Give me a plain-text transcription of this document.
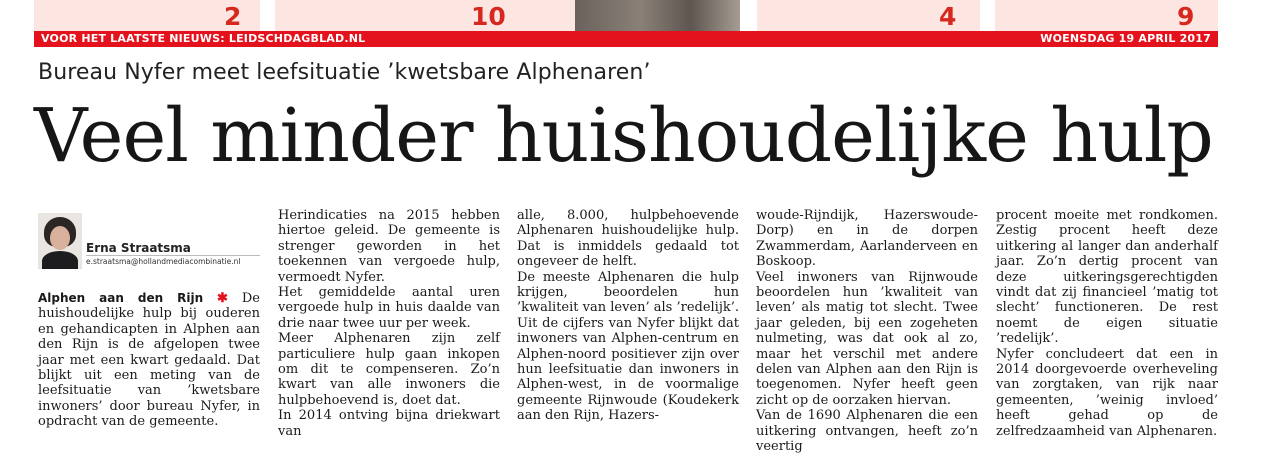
2	10	4	9
VOOR HET LAATSTE NIEUWS: LEIDSCHDAGBLAD.NL	WOENSDAG 19 APRIL 2017
Bureau Nyfer meet leefsituatie ’kwetsbare Alphenaren’
Veel minder huishoudelijke hulp
Erna Straatsma
e.straatsma@hollandmediacombinatie.nl

Alphen aan den Rijn ✱ De huishoudelijke hulp bij ouderen en gehandicapten in Alphen aan den Rijn is de afgelopen twee jaar met een kwart gedaald. Dat blijkt uit een meting van de leefsituatie van ’kwetsbare inwoners’ door bureau Nyfer, in opdracht van de gemeente.

Herindicaties na 2015 hebben hiertoe geleid. De gemeente is strenger geworden in het toekennen van vergoede hulp, vermoedt Nyfer.

Het gemiddelde aantal uren vergoede hulp in huis daalde van drie naar twee uur per week.

Meer Alphenaren zijn zelf particuliere hulp gaan inkopen om dit te compenseren. Zo’n kwart van alle inwoners die hulpbehoevend is, doet dat.

In 2014 ontving bijna driekwart van

alle, 8.000, hulpbehoevende Alphenaren huishoudelijke hulp. Dat is inmiddels gedaald tot ongeveer de helft.

De meeste Alphenaren die hulp krijgen, beoordelen hun ’kwaliteit van leven’ als ’redelijk’. Uit de cijfers van Nyfer blijkt dat inwoners van Alphen-centrum en Alphen-noord positiever zijn over hun leefsituatie dan inwoners in Alphen-west, in de voormalige gemeente Rijnwoude (Koudekerk aan den Rijn, Hazers-

woude-Rijndijk, Hazerswoude-Dorp) en in de dorpen Zwammerdam, Aarlanderveen en Boskoop.

Veel inwoners van Rijnwoude beoordelen hun ’kwaliteit van leven’ als matig tot slecht. Twee jaar geleden, bij een zogeheten nulmeting, was dat ook al zo, maar het verschil met andere delen van Alphen aan den Rijn is toegenomen. Nyfer heeft geen zicht op de oorzaken hiervan.

Van de 1690 Alphenaren die een uitkering ontvangen, heeft zo’n veertig

procent moeite met rondkomen. Zestig procent heeft deze uitkering al langer dan anderhalf jaar. Zo’n dertig procent van deze uitkeringsgerechtigden vindt dat zij financieel ’matig tot slecht’ functioneren. De rest noemt de eigen situatie ’redelijk’.

Nyfer concludeert dat een in 2014 doorgevoerde overheveling van zorgtaken, van rijk naar gemeenten, ’weinig invloed’ heeft gehad op de zelfredzaamheid van Alphenaren.
